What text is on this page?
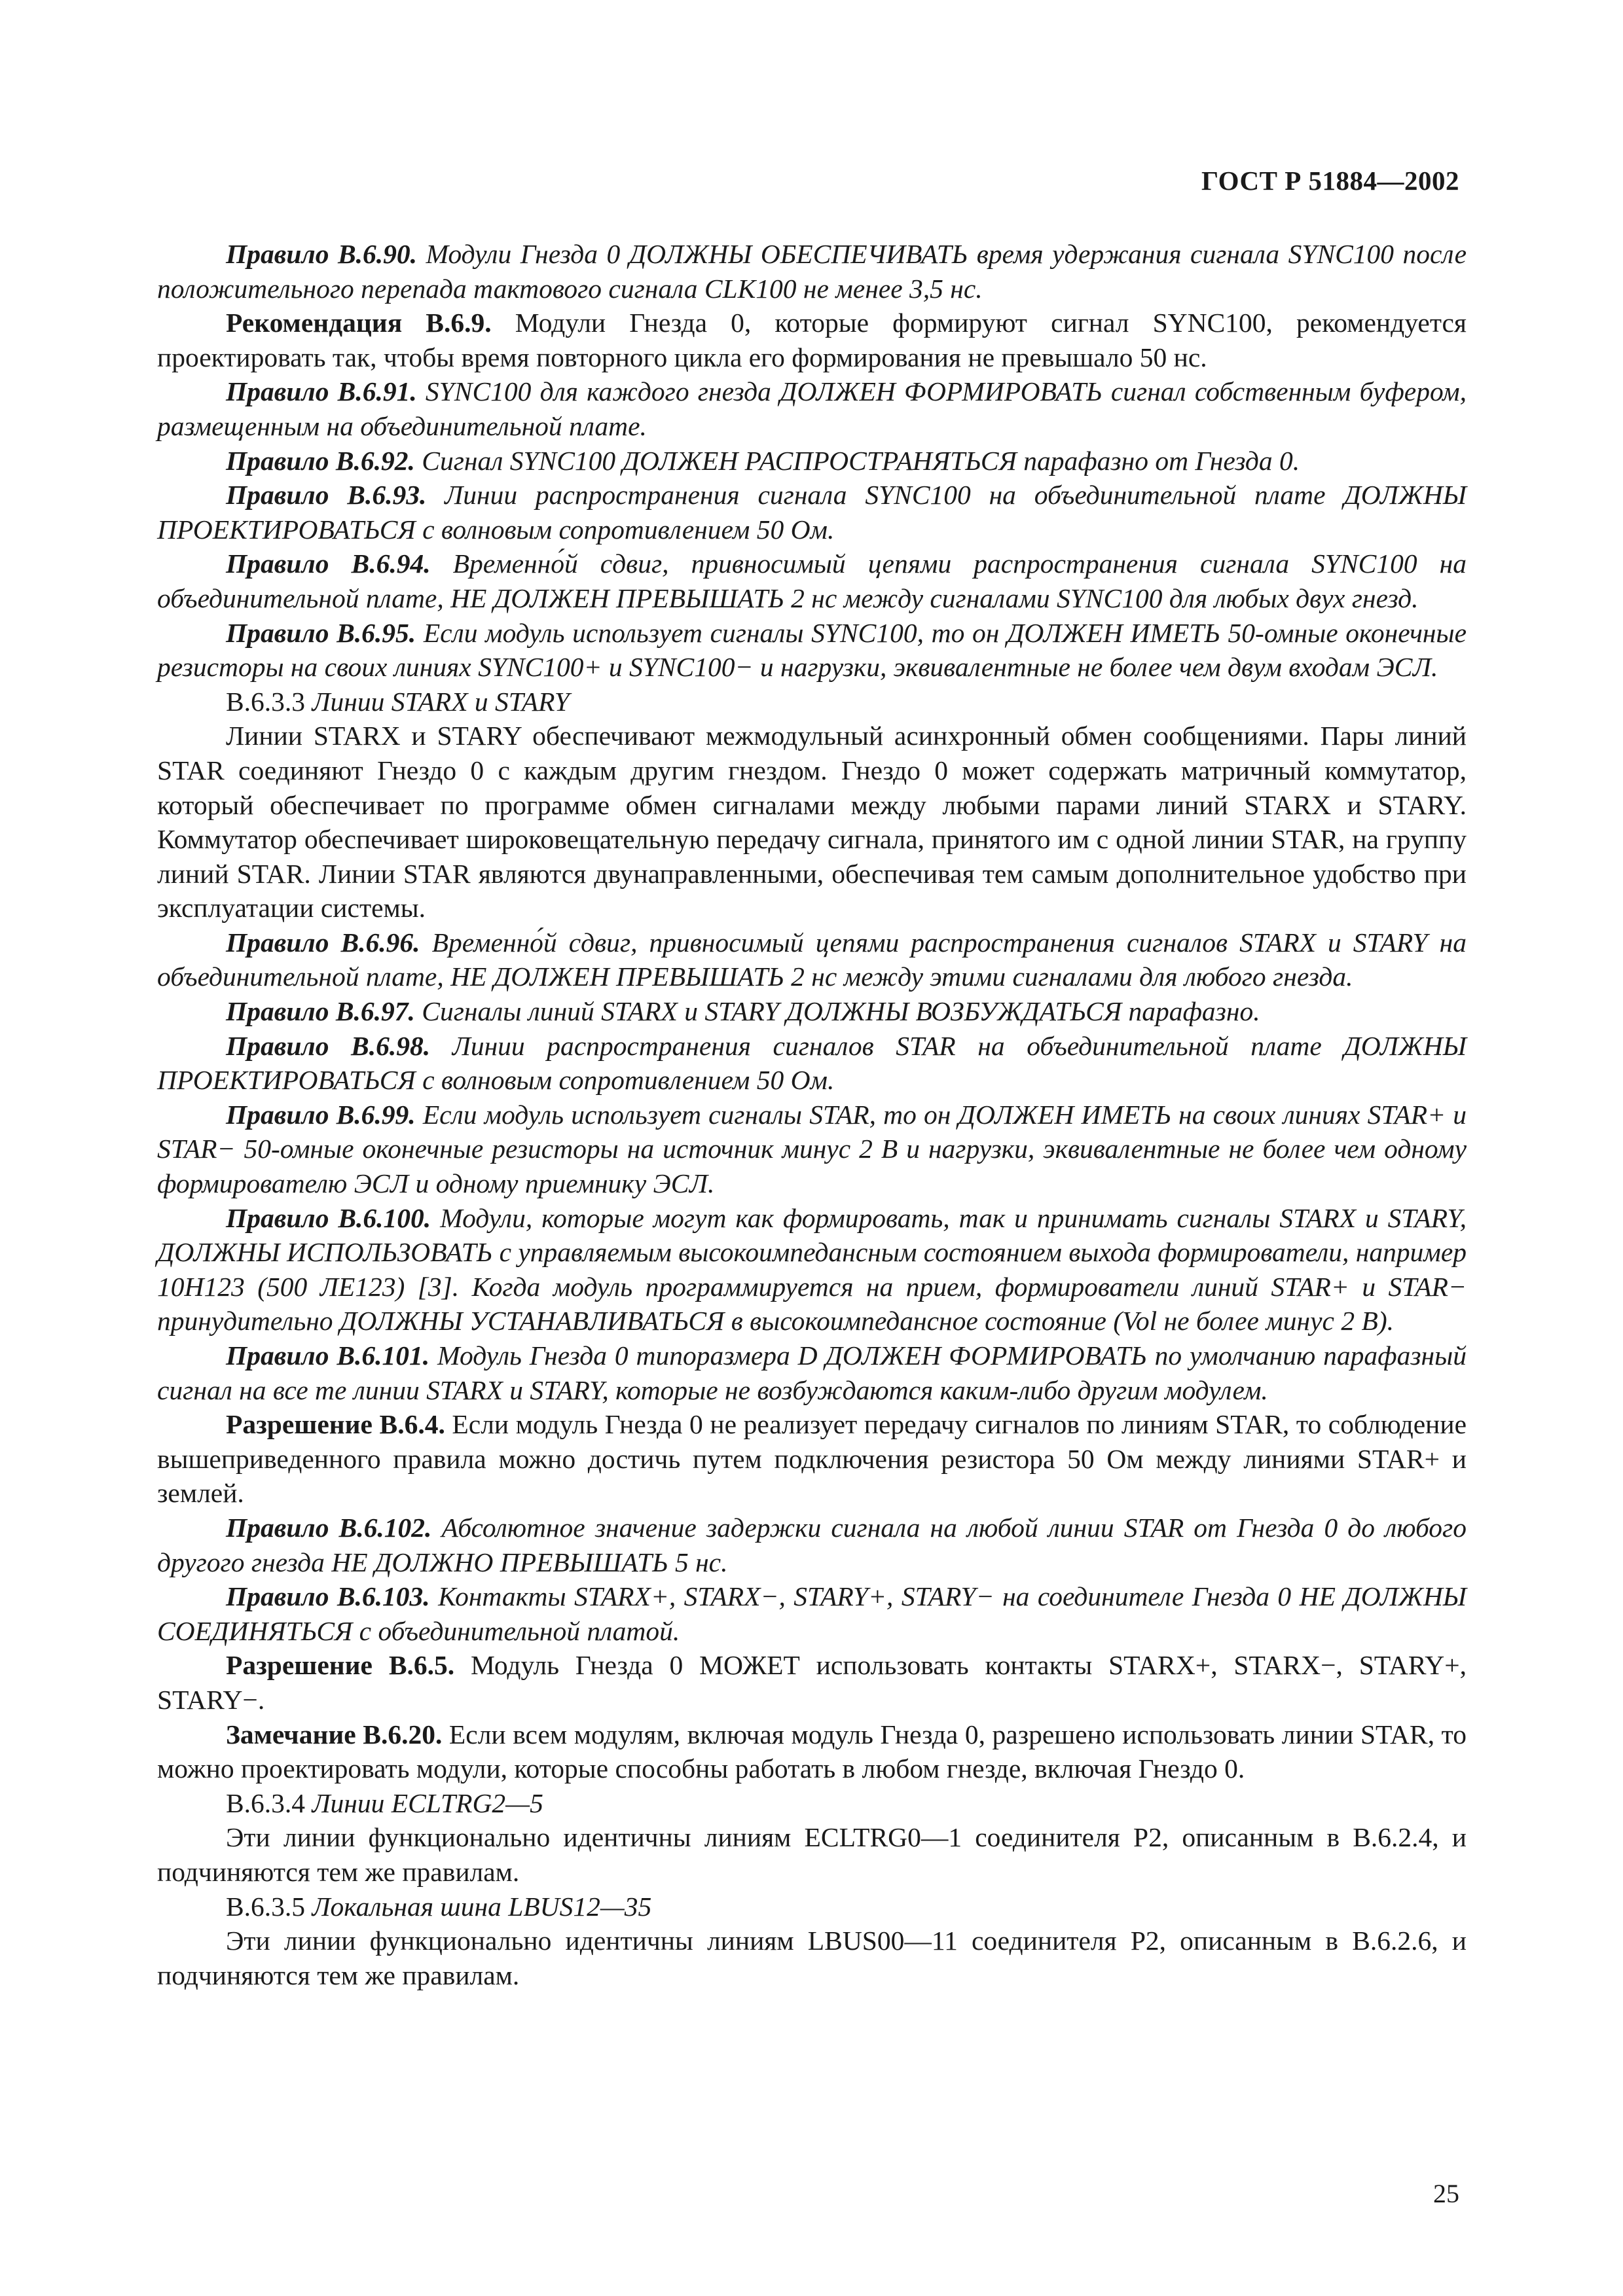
ГОСТ Р 51884—2002

Правило В.6.90. Модули Гнезда 0 ДОЛЖНЫ ОБЕСПЕЧИВАТЬ время удержания сигнала SYNC100 после положительного перепада тактового сигнала CLK100 не менее 3,5 нс.

Рекомендация В.6.9. Модули Гнезда 0, которые формируют сигнал SYNC100, рекомендуется проектировать так, чтобы время повторного цикла его формирования не превышало 50 нс.

Правило В.6.91. SYNC100 для каждого гнезда ДОЛЖЕН ФОРМИРОВАТЬ сигнал собственным буфером, размещенным на объединительной плате.

Правило В.6.92. Сигнал SYNC100 ДОЛЖЕН РАСПРОСТРАНЯТЬСЯ парафазно от Гнезда 0.

Правило В.6.93. Линии распространения сигнала SYNC100 на объединительной плате ДОЛЖНЫ ПРОЕКТИРОВАТЬСЯ с волновым сопротивлением 50 Ом.

Правило В.6.94. Временно́й сдвиг, привносимый цепями распространения сигнала SYNC100 на объединительной плате, НЕ ДОЛЖЕН ПРЕВЫШАТЬ 2 нс между сигналами SYNC100 для любых двух гнезд.

Правило В.6.95. Если модуль использует сигналы SYNC100, то он ДОЛЖЕН ИМЕТЬ 50-омные оконечные резисторы на своих линиях SYNC100+ и SYNC100− и нагрузки, эквивалентные не более чем двум входам ЭСЛ.

В.6.3.3 Линии STARX и STARY

Линии STARX и STARY обеспечивают межмодульный асинхронный обмен сообщениями. Пары линий STAR соединяют Гнездо 0 с каждым другим гнездом. Гнездо 0 может содержать матричный коммутатор, который обеспечивает по программе обмен сигналами между любыми парами линий STARX и STARY. Коммутатор обеспечивает широковещательную передачу сигнала, принятого им с одной линии STAR, на группу линий STAR. Линии STAR являются двунаправленными, обеспечивая тем самым дополнительное удобство при эксплуатации системы.

Правило В.6.96. Временно́й сдвиг, привносимый цепями распространения сигналов STARX и STARY на объединительной плате, НЕ ДОЛЖЕН ПРЕВЫШАТЬ 2 нс между этими сигналами для любого гнезда.

Правило В.6.97. Сигналы линий STARX и STARY ДОЛЖНЫ ВОЗБУЖДАТЬСЯ парафазно.

Правило В.6.98. Линии распространения сигналов STAR на объединительной плате ДОЛЖНЫ ПРОЕКТИРОВАТЬСЯ с волновым сопротивлением 50 Ом.

Правило В.6.99. Если модуль использует сигналы STAR, то он ДОЛЖЕН ИМЕТЬ на своих линиях STAR+ и STAR− 50-омные оконечные резисторы на источник минус 2 В и нагрузки, эквивалентные не более чем одному формирователю ЭСЛ и одному приемнику ЭСЛ.

Правило В.6.100. Модули, которые могут как формировать, так и принимать сигналы STARX и STARY, ДОЛЖНЫ ИСПОЛЬЗОВАТЬ с управляемым высокоимпедансным состоянием выхода формирователи, например 10H123 (500 ЛЕ123) [3]. Когда модуль программируется на прием, формирователи линий STAR+ и STAR− принудительно ДОЛЖНЫ УСТАНАВЛИВАТЬСЯ в высокоимпедансное состояние (Vol не более минус 2 В).

Правило В.6.101. Модуль Гнезда 0 типоразмера D ДОЛЖЕН ФОРМИРОВАТЬ по умолчанию парафазный сигнал на все те линии STARX и STARY, которые не возбуждаются каким-либо другим модулем.

Разрешение В.6.4. Если модуль Гнезда 0 не реализует передачу сигналов по линиям STAR, то соблюдение вышеприведенного правила можно достичь путем подключения резистора 50 Ом между линиями STAR+ и землей.

Правило В.6.102. Абсолютное значение задержки сигнала на любой линии STAR от Гнезда 0 до любого другого гнезда НЕ ДОЛЖНО ПРЕВЫШАТЬ 5 нс.

Правило В.6.103. Контакты STARX+, STARX−, STARY+, STARY− на соединителе Гнезда 0 НЕ ДОЛЖНЫ СОЕДИНЯТЬСЯ с объединительной платой.

Разрешение В.6.5. Модуль Гнезда 0 МОЖЕТ использовать контакты STARX+, STARX−, STARY+, STARY−.

Замечание В.6.20. Если всем модулям, включая модуль Гнезда 0, разрешено использовать линии STAR, то можно проектировать модули, которые способны работать в любом гнезде, включая Гнездо 0.

В.6.3.4 Линии ECLTRG2—5

Эти линии функционально идентичны линиям ECLTRG0—1 соединителя P2, описанным в В.6.2.4, и подчиняются тем же правилам.

В.6.3.5 Локальная шина LBUS12—35

Эти линии функционально идентичны линиям LBUS00—11 соединителя P2, описанным в В.6.2.6, и подчиняются тем же правилам.

25
